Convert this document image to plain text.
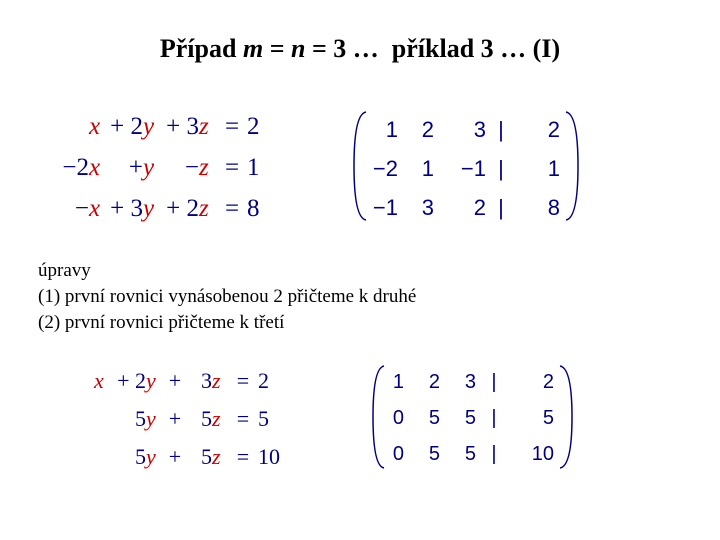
Případ m = n = 3 …  příklad 3 … (I)
x + 2 y + 3 z = 2
−2 x	+ y	− z = 1
− x + 3 y + 2 z = 8
1	2	3 |	2
−2	1	−1 |	1
−1	3	2 |	8
úpravy
(1) první rovnici vynásobenou 2 přičteme k druhé
(2) první rovnici přičteme k třetí
x + 2 y + 3 z = 2
5 y + 5 z = 5
5 y + 5 z = 10
1	2	3 |	2
0	5	5 |	5
0	5	5 |	10
